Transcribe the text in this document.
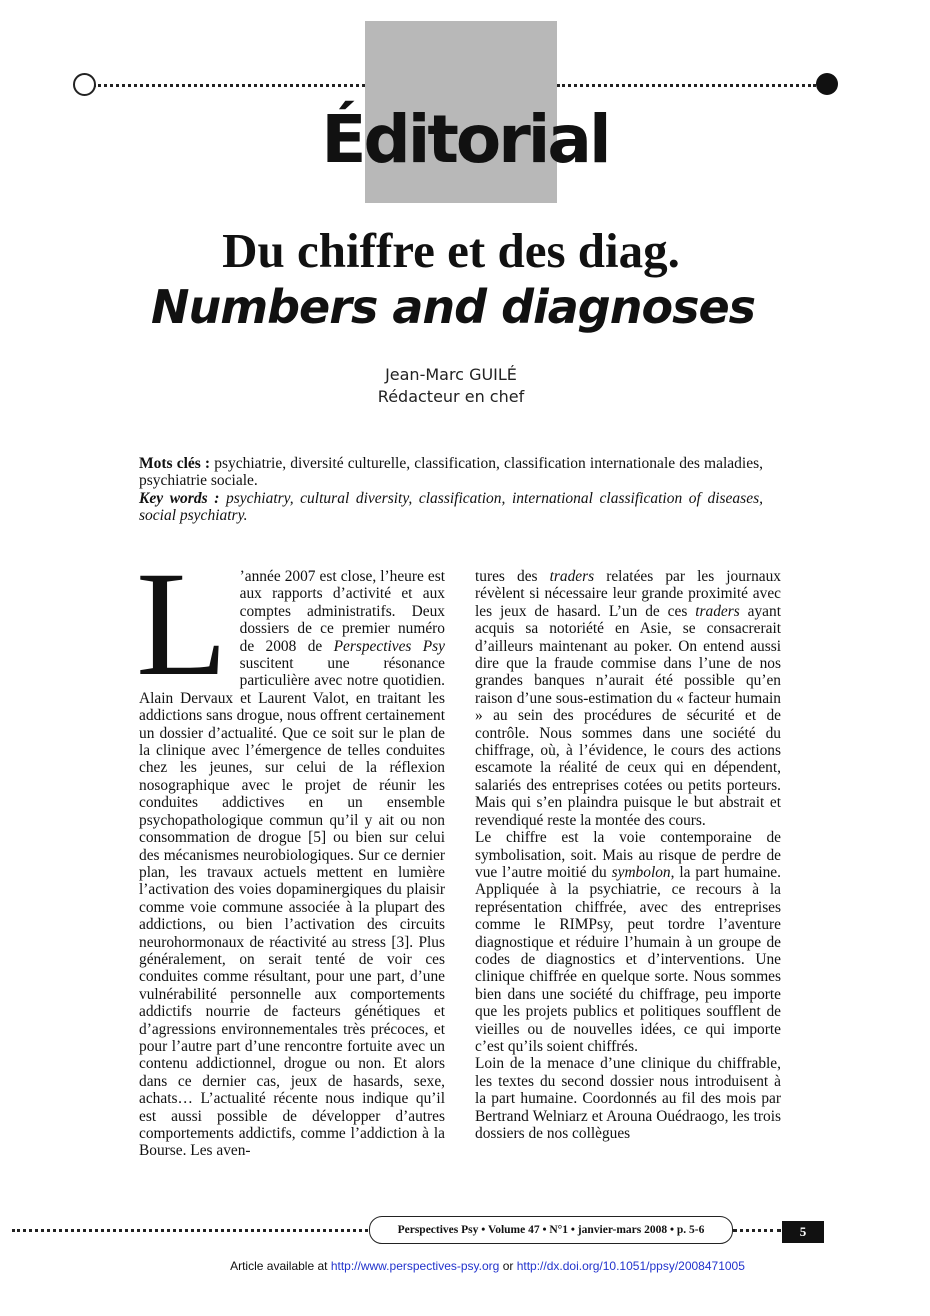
Éditorial
Du chiffre et des diag.
Numbers and diagnoses
Jean-Marc GUILÉ
Rédacteur en chef
Mots clés : psychiatrie, diversité culturelle, classification, classification internationale des maladies, psychiatrie sociale.
Key words : psychiatry, cultural diversity, classification, international classification of diseases, social psychiatry.

L ’année 2007 est close, l’heure est aux rapports d’activité et aux comptes administratifs. Deux dossiers de ce premier numéro de 2008 de Perspectives Psy suscitent une résonance particulière avec notre quotidien. Alain Dervaux et Laurent Valot, en traitant les addictions sans drogue, nous offrent certainement un dossier d’actualité. Que ce soit sur le plan de la clinique avec l’émergence de telles conduites chez les jeunes, sur celui de la réflexion nosographique avec le projet de réunir les conduites addictives en un ensemble psychopathologique commun qu’il y ait ou non consommation de drogue [5] ou bien sur celui des mécanismes neurobiologiques. Sur ce dernier plan, les travaux actuels mettent en lumière l’activation des voies dopaminergiques du plaisir comme voie commune associée à la plupart des addictions, ou bien l’activation des circuits neurohormonaux de réactivité au stress [3]. Plus généralement, on serait tenté de voir ces conduites comme résultant, pour une part, d’une vulnérabilité personnelle aux comportements addictifs nourrie de facteurs génétiques et d’agressions environnementales très précoces, et pour l’autre part d’une rencontre fortuite avec un contenu addictionnel, drogue ou non. Et alors dans ce dernier cas, jeux de hasards, sexe, achats… L’actualité récente nous indique qu’il est aussi possible de développer d’autres comportements addictifs, comme l’addiction à la Bourse. Les aven-

tures des traders relatées par les journaux révèlent si nécessaire leur grande proximité avec les jeux de hasard. L’un de ces traders ayant acquis sa notoriété en Asie, se consacrerait d’ailleurs maintenant au poker. On entend aussi dire que la fraude commise dans l’une de nos grandes banques n’aurait été possible qu’en raison d’une sous-estimation du « facteur humain » au sein des procédures de sécurité et de contrôle. Nous sommes dans une société du chiffrage, où, à l’évidence, le cours des actions escamote la réalité de ceux qui en dépendent, salariés des entreprises cotées ou petits porteurs. Mais qui s’en plaindra puisque le but abstrait et revendiqué reste la montée des cours.

Le chiffre est la voie contemporaine de symbolisation, soit. Mais au risque de perdre de vue l’autre moitié du symbolon, la part humaine. Appliquée à la psychiatrie, ce recours à la représentation chiffrée, avec des entreprises comme le RIMPsy, peut tordre l’aventure diagnostique et réduire l’humain à un groupe de codes de diagnostics et d’interventions. Une clinique chiffrée en quelque sorte. Nous sommes bien dans une société du chiffrage, peu importe que les projets publics et politiques soufflent de vieilles ou de nouvelles idées, ce qui importe c’est qu’ils soient chiffrés.

Loin de la menace d’une clinique du chiffrable, les textes du second dossier nous introduisent à la part humaine. Coordonnés au fil des mois par Bertrand Welniarz et Arouna Ouédraogo, les trois dossiers de nos collègues

Perspectives Psy • Volume 47 • N°1 • janvier-mars 2008 • p. 5-6	5
Article available at http://www.perspectives-psy.org or http://dx.doi.org/10.1051/ppsy/2008471005
